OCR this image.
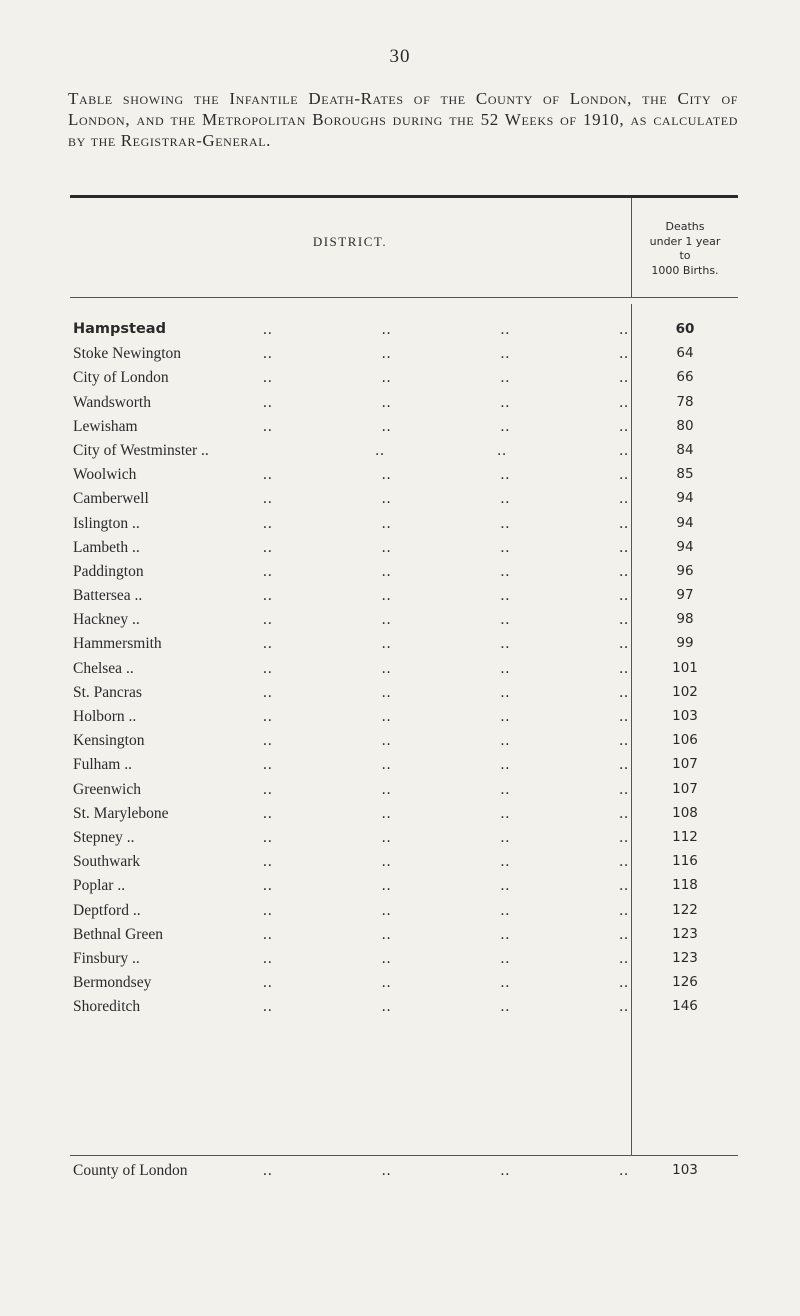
30
Table showing the Infantile Death-Rates of the County of London, the City of London, and the Metropolitan Boroughs during the 52 Weeks of 1910, as calculated by the Registrar-General.
DISTRICT.
Deaths
under 1 year
to
1000 Births.
Hampstead	..	..	..	..	60
Stoke Newington	..	..	..	..	64
City of London	..	..	..	..	66
Wandsworth	..	..	..	..	78
Lewisham	..	..	..	..	80
City of Westminster ..	..	..	..	84
Woolwich	..	..	..	..	85
Camberwell	..	..	..	..	94
Islington ..	..	..	..	..	94
Lambeth ..	..	..	..	..	94
Paddington	..	..	..	..	96
Battersea ..	..	..	..	..	97
Hackney ..	..	..	..	..	98
Hammersmith	..	..	..	..	99
Chelsea ..	..	..	..	..	101
St. Pancras	..	..	..	..	102
Holborn ..	..	..	..	..	103
Kensington	..	..	..	..	106
Fulham ..	..	..	..	..	107
Greenwich	..	..	..	..	107
St. Marylebone	..	..	..	..	108
Stepney ..	..	..	..	..	112
Southwark	..	..	..	..	116
Poplar ..	..	..	..	..	118
Deptford ..	..	..	..	..	122
Bethnal Green	..	..	..	..	123
Finsbury ..	..	..	..	..	123
Bermondsey	..	..	..	..	126
Shoreditch	..	..	..	..	146
County of London	..	..	..	..	103
